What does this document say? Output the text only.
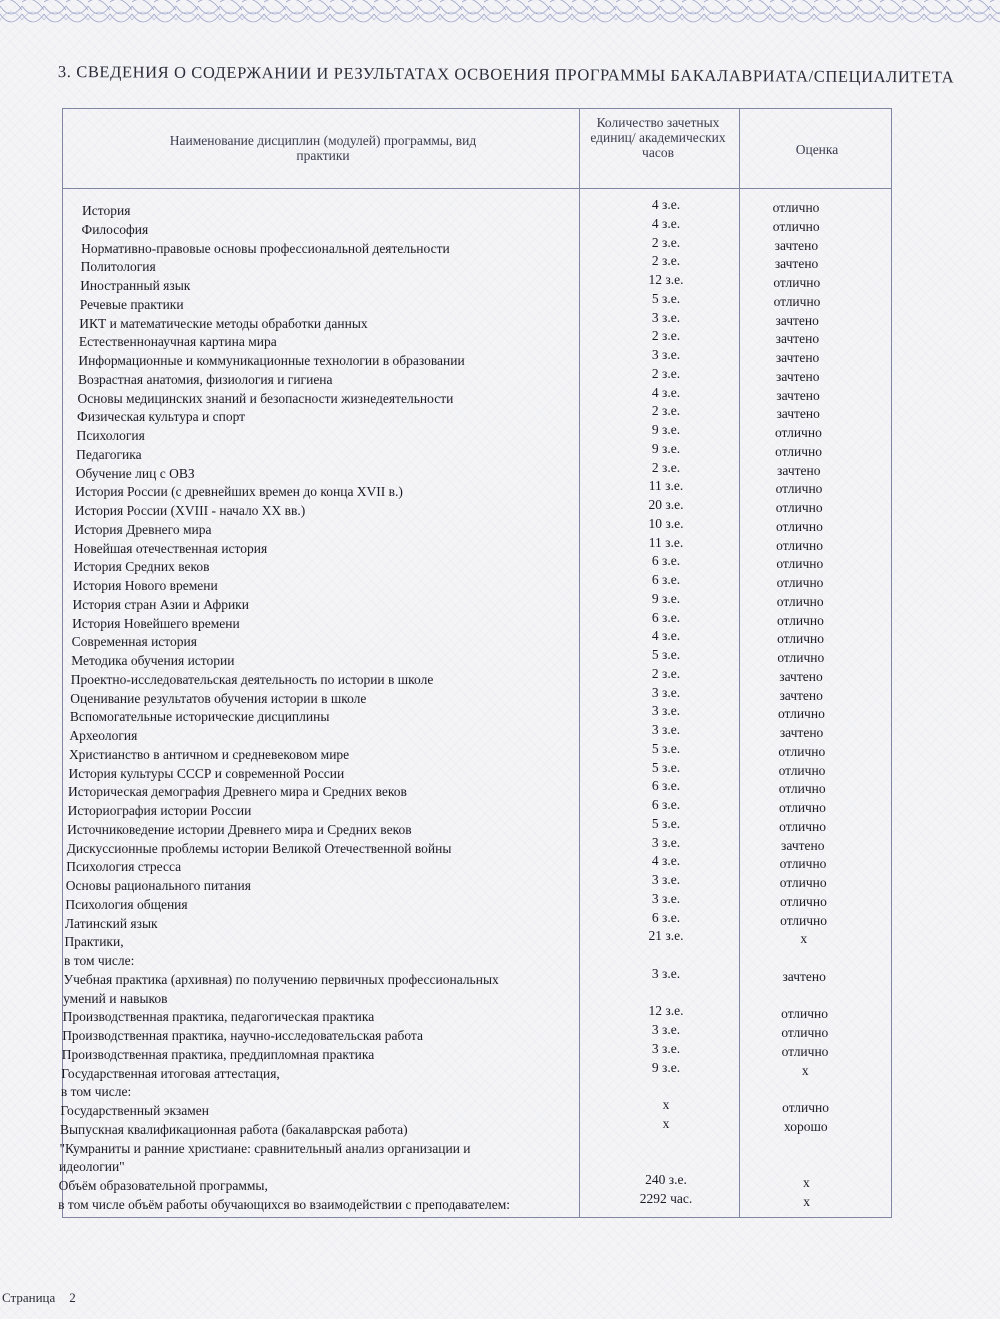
3. СВЕДЕНИЯ О СОДЕРЖАНИИ И РЕЗУЛЬТАТАХ ОСВОЕНИЯ ПРОГРАММЫ БАКАЛАВРИАТА/СПЕЦИАЛИТЕТА
Наименование дисциплин (модулей) программы, вид практики
Количество зачетных единиц/ академических часов	Оценка
История	4 з.е.	отлично
Философия	4 з.е.	отлично
Нормативно-правовые основы профессиональной деятельности	2 з.е.	зачтено
Политология	2 з.е.	зачтено
Иностранный язык	12 з.е.	отлично
Речевые практики	5 з.е.	отлично
ИКТ и математические методы обработки данных	3 з.е.	зачтено
Естественнонаучная картина мира	2 з.е.	зачтено
Информационные и коммуникационные технологии в образовании	3 з.е.	зачтено
Возрастная анатомия, физиология и гигиена	2 з.е.	зачтено
Основы медицинских знаний и безопасности жизнедеятельности	4 з.е.	зачтено
Физическая культура и спорт	2 з.е.	зачтено
Психология	9 з.е.	отлично
Педагогика	9 з.е.	отлично
Обучение лиц с ОВЗ	2 з.е.	зачтено
История России (с древнейших времен до конца XVII в.)	11 з.е.	отлично
История России (XVIII - начало XX вв.)	20 з.е.	отлично
История Древнего мира	10 з.е.	отлично
Новейшая отечественная история	11 з.е.	отлично
История Средних веков	6 з.е.	отлично
История Нового времени	6 з.е.	отлично
История стран Азии и Африки	9 з.е.	отлично
История Новейшего времени	6 з.е.	отлично
Современная история	4 з.е.	отлично
Методика обучения истории	5 з.е.	отлично
Проектно-исследовательская деятельность по истории в школе	2 з.е.	зачтено
Оценивание результатов обучения истории в школе	3 з.е.	зачтено
Вспомогательные исторические дисциплины	3 з.е.	отлично
Археология	3 з.е.	зачтено
Христианство в античном и средневековом мире	5 з.е.	отлично
История культуры СССР и современной России	5 з.е.	отлично
Историческая демография Древнего мира и Средних веков	6 з.е.	отлично
Историография истории России	6 з.е.	отлично
Источниковедение истории Древнего мира и Средних веков	5 з.е.	отлично
Дискуссионные проблемы истории Великой Отечественной войны	3 з.е.	зачтено
Психология стресса	4 з.е.	отлично
Основы рационального питания	3 з.е.	отлично
Психология общения	3 з.е.	отлично
Латинский язык	6 з.е.	отлично
Практики,	21 з.е.	х
в том числе:
Учебная практика (архивная) по получению первичных профессиональных	3 з.е.	зачтено
умений и навыков
Производственная практика, педагогическая практика	12 з.е.	отлично
Производственная практика, научно-исследовательская работа	3 з.е.	отлично
Производственная практика, преддипломная практика	3 з.е.	отлично
Государственная итоговая аттестация,	9 з.е.	х
в том числе:
Государственный экзамен	х	отлично
Выпускная квалификационная работа (бакалаврская работа)	х	хорошо
"Кумраниты и ранние христиане: сравнительный анализ организации и
идеологии"
Объём образовательной программы,	240 з.е.	х
в том числе объём работы обучающихся во взаимодействии с преподавателем:	2292 час.	х
Страница 2
